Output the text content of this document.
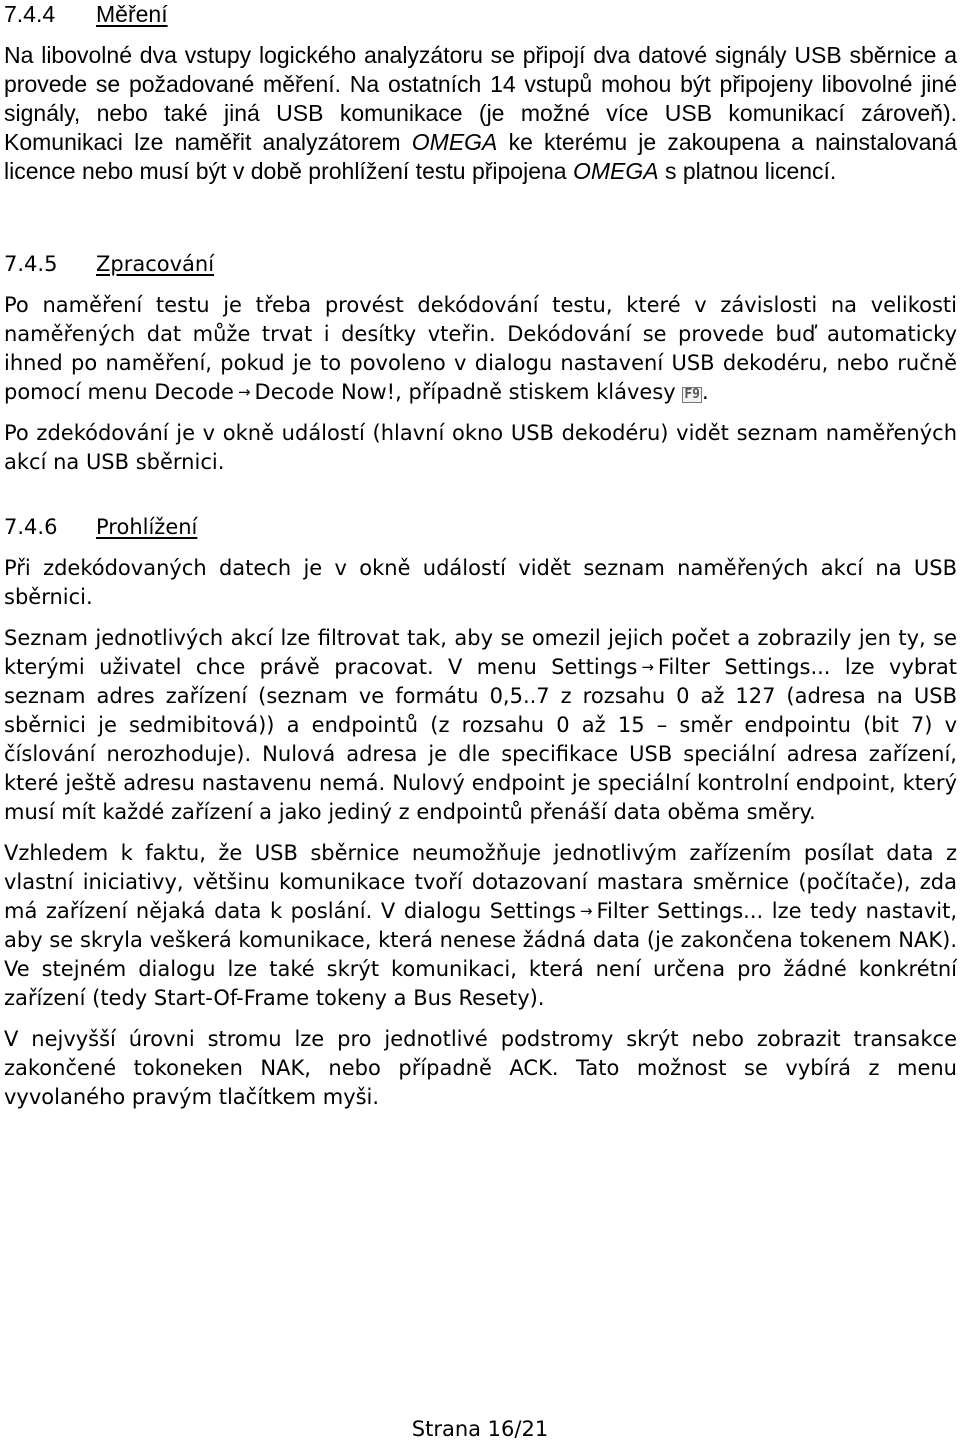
7.4.4 Měření

Na libovolné dva vstupy logického analyzátoru se připojí dva datové signály USB sběrnice a provede se požadované měření. Na ostatních 14 vstupů mohou být připojeny libovolné jiné signály, nebo také jiná USB komunikace (je možné více USB komunikací zároveň). Komunikaci lze naměřit analyzátorem OMEGA ke kterému je zakoupena a nainstalovaná licence nebo musí být v době prohlížení testu připojena OMEGA s platnou licencí.

7.4.5 Zpracování

Po naměření testu je třeba provést dekódování testu, které v závislosti na velikosti naměřených dat může trvat i desítky vteřin. Dekódování se provede buď automaticky ihned po naměření, pokud je to povoleno v dialogu nastavení USB dekodéru, nebo ručně pomocí menu Decode → Decode Now!, případně stiskem klávesy F9.

Po zdekódování je v okně událostí (hlavní okno USB dekodéru) vidět seznam naměřených akcí na USB sběrnici.

7.4.6 Prohlížení

Při zdekódovaných datech je v okně událostí vidět seznam naměřených akcí na USB sběrnici.

Seznam jednotlivých akcí lze filtrovat tak, aby se omezil jejich počet a zobrazily jen ty, se kterými uživatel chce právě pracovat. V menu Settings → Filter Settings... lze vybrat seznam adres zařízení (seznam ve formátu 0,5..7 z rozsahu 0 až 127 (adresa na USB sběrnici je sedmibitová)) a endpointů (z rozsahu 0 až 15 – směr endpointu (bit 7) v číslování nerozhoduje). Nulová adresa je dle specifikace USB speciální adresa zařízení, které ještě adresu nastavenu nemá. Nulový endpoint je speciální kontrolní endpoint, který musí mít každé zařízení a jako jediný z endpointů přenáší data oběma směry.

Vzhledem k faktu, že USB sběrnice neumožňuje jednotlivým zařízením posílat data z vlastní iniciativy, většinu komunikace tvoří dotazovaní mastara směrnice (počítače), zda má zařízení nějaká data k poslání. V dialogu Settings → Filter Settings... lze tedy nastavit, aby se skryla veškerá komunikace, která nenese žádná data (je zakončena tokenem NAK). Ve stejném dialogu lze také skrýt komunikaci, která není určena pro žádné konkrétní zařízení (tedy Start-Of-Frame tokeny a Bus Resety).

V nejvyšší úrovni stromu lze pro jednotlivé podstromy skrýt nebo zobrazit transakce zakončené tokoneken NAK, nebo případně ACK. Tato možnost se vybírá z menu vyvolaného pravým tlačítkem myši.

Strana 16/21
